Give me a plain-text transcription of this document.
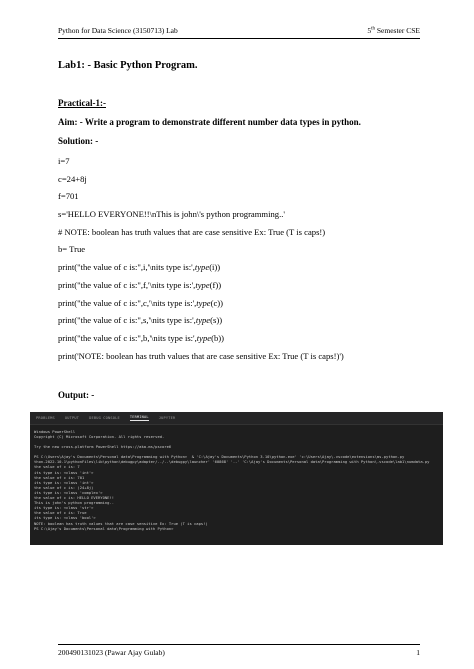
Python for Data Science (3150713) Lab	5th Semester CSE
Lab1: - Basic Python Program.
Practical-1:-
Aim: - Write a program to demonstrate different number data types in python.
Solution: -
i=7
c=24+8j
f=701
s='HELLO EVERYONE!!\nThis is john\'s python programming..'
# NOTE: boolean has truth values that are case sensitive Ex: True (T is caps!)
b= True
print("the value of c is:",i,'\nits type is:',type(i))
print("the value of c is:",f,'\nits type is:',type(f))
print("the value of c is:",c,'\nits type is:',type(c))
print("the value of c is:",s,'\nits type is:',type(s))
print("the value of c is:",b,'\nits type is:',type(b))
print('NOTE: boolean has truth values that are case sensitive Ex: True (T is caps!)')
Output: -
PROBLEMS	OUTPUT	DEBUG CONSOLE	TERMINAL	JUPYTER
Windows PowerShell
Copyright (C) Microsoft Corporation. All rights reserved.
Try the new cross-platform PowerShell https://aka.ms/pscore6
PS C:\Users\Ajay's Documents\Personal data\Programming with Python>  & 'C:\Ajay's Documents\Python 3.10\python.exe' 'c:\Users\Ajay\.vscode\extensions\ms-python.py
thon-2022.10.1\pythonFiles\lib\python\debugpy\adapter/../..\debugpy\launcher' '60868' '--' 'C:\Ajay's Documents\Personal data\Programming with Python\.vscode\lab1\numdata.py
the value of c is: 7
its type is: <class 'int'>
the value of c is: 701
its type is: <class 'int'>
the value of c is: (24+8j)
its type is: <class 'complex'>
the value of c is: HELLO EVERYONE!!
This is john's python programming..
its type is: <class 'str'>
the value of c is: True
its type is: <class 'bool'>
NOTE: boolean has truth values that are case sensitive Ex: True (T is caps!)
PS C:\Ajay's Documents\Personal data\Programming with Python>
200490131023 (Pawar Ajay Gulab)	1
